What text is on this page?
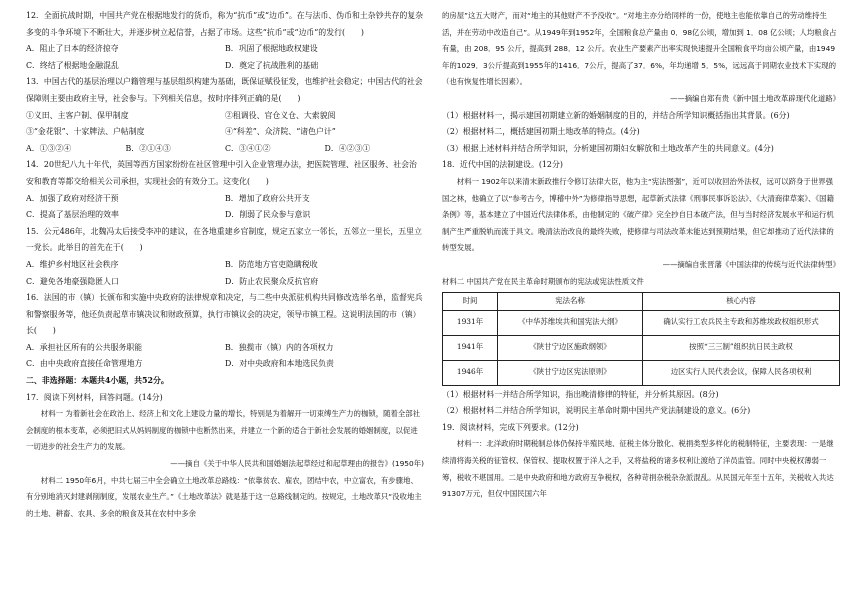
12．全面抗战时期，中国共产党在根据地发行的货币，称为“抗币”或“边币”。在与法币、伪币和土杂钞共存的复杂多变的斗争环境下不断壮大，并逐步树立起信誉，占据了市场。这些“抗币”或“边币”的发行(　　)

A．阻止了日本的经济掠夺	B．巩固了根据地政权建设
C．终结了根据地金融混乱	D．奠定了抗战胜利的基础

13．中国古代的基层治理以户籍管理与基层组织构建为基础，既保证赋役征发，也维护社会稳定；中国古代的社会保障则主要由政府主导，社会参与。下列相关信息，按时序排列正确的是(　　)

①义田、主客户制、保甲制度	②租调役、官仓义仓、大索貌阅
③“金花银”、十家牌法、户帖制度	④“科差”、众济院、“诸色户计”
A．①③②④	B．②①④③	C．③④①②	D．④②③①

14．20世纪八九十年代，英国等西方国家纷纷在社区管理中引入企业管理办法，把医院管理、社区服务、社会治安和教育等都交给相关公司承担，实现社会的有效分工。这变化(　　)

A．加强了政府对经济干预	B．增加了政府公共开支
C．提高了基层治理的效率	D．削弱了民众参与意识

15．公元486年，北魏冯太后接受李冲的建议，在各地重建乡官制度，规定五家立一邻长，五邻立一里长，五里立一党长。此举目的首先在于(　　)

A．维护乡村地区社会秩序	B．防范地方官吏隐瞒税收
C．避免各地豪强隐匿人口	D．防止农民聚众反抗官府

16．法国的市（镇）长颁布和实施中央政府的法律规章和决定，与二些中央派驻机构共同修改选举名单，监督宪兵和警察服务等，他还负责起草市镇决议和财政预算，执行市镇议会的决定，领导市镇工程。这说明法国的市（镇）长(　　)

A．承担社区所有的公共服务职能	B．独揽市（镇）内的各项权力
C．由中央政府直接任命管理地方	D．对中央政府和本地选民负责

二、非选择题：本题共4小题，共52分。

17．阅读下列材料，回答问题。(14分)

材料一 为着新社会在政治上、经济上和文化上建设力量的增长，特别是为着解开一切束缚生产力的枷锁，随着全部社会制度的根本变革，必须把旧式从妈妈制度的枷锁中也断然出来，并建立一个新的适合于新社会发展的婚姻制度，以促进一切进步的社会生产力的发展。

——摘自《关于中华人民共和国婚姻法起草经过和起草理由的报告》(1950年)

材料二 1950年6月，中共七届三中全会确立土地改革总路线：“依靠贫农、雇农，团结中农，中立富农，有步骤地、有分别地消灭封建剥削制度，发展农业生产。”《土地改革法》就是基于这一总路线制定的。按规定，土地改革只“没收地主的土地、耕畜、农具、多余的粮食及其在农村中多余

的房屋”这五大财产，而对“地主的其他财产不予没收”。“对地主亦分给同样的一份，使地主也能依靠自己的劳动维持生活，并在劳动中改造自己”。从1949年到1952年，全国粮食总产量由 0．98亿公顷，增加到 1．08 亿公顷；人均粮食占有量，由 208．95 公斤，提高到 288．12 公斤。农业生产要素产出率实现快速提升全国粮食平均亩公顷产量，由1949年的1029．3公斤提高到1955年的1416．7公斤，提高了37．6%，年均递增 5．5%，远远高于同期农业技术下实现的（也有恢复性增长因素）。

——摘编自郑有贵《新中国土地改革辟现代化道路》

（1）根据材料一，揭示建国初期建立新的婚姻制度的目的，并结合所学知识概括指出其背景。(6分)

（2）根据材料二，概括建国初期土地改革的特点。(4分)

（3）根据上述材料并结合所学知识，分析建国初期妇女解放和土地改革产生的共同意义。(4分)

18．近代中国的法制建设。(12分)

材料一 1902年以来清末新政推行令修订法律大臣，他为主“宪法图强”，近可以收回治外法权，远可以跻身于世界强国之林，他确立了以“参考古今，博稽中外”为修律指导思想，起草新式法律《刑事民事诉讼法》、《大清商律草案》、《国籍条例》等，基本建立了中国近代法律体系，由他制定的《破产律》完全抄自日本破产法，但与当时经济发展水平和运行机制产生严重脱轨而流于具文。晚清法治改良的最终失败，使修律与司法改革未能达到预期结果，但它却推动了近代法律的转型发展。

——摘编自张晋藩《中国法律的传统与近代法律转型》

材料二 中国共产党在民主革命时期颁布的宪法或宪法性质文件

时间	宪法名称	核心内容
1931年	《中华苏维埃共和国宪法大纲》	确认实行工农兵民主专政和苏维埃政权组织形式
1941年	《陕甘宁边区施政纲领》	按照“三三制”组织抗日民主政权
1946年	《陕甘宁边区宪法原则》	边区实行人民代表会议，保障人民各项权利

（1）根据材料一并结合所学知识，指出晚清修律的特征，并分析其原因。(8分)

（2）根据材料二并结合所学知识，说明民主革命时期中国共产党法制建设的意义。(6分)

19．阅读材料，完成下列要求。(12分)

材料一：北洋政府时期税制总体仍保持半殖民地、征税主体分散化、税捐类型多样化的税制特征，主要表现：一是继续清将海关税的征管权、保管权、提取权置于洋人之手，又将盐税的诸多权利让渡给了洋员监管。同时中央税权薄弱一筹，税收不堪国用。二是中央政府和地方政府互争税权，各种苛捐杂税杂杂派混乱。从民国元年至十五年，关税收入共达91307万元，但仅中国民国六年
